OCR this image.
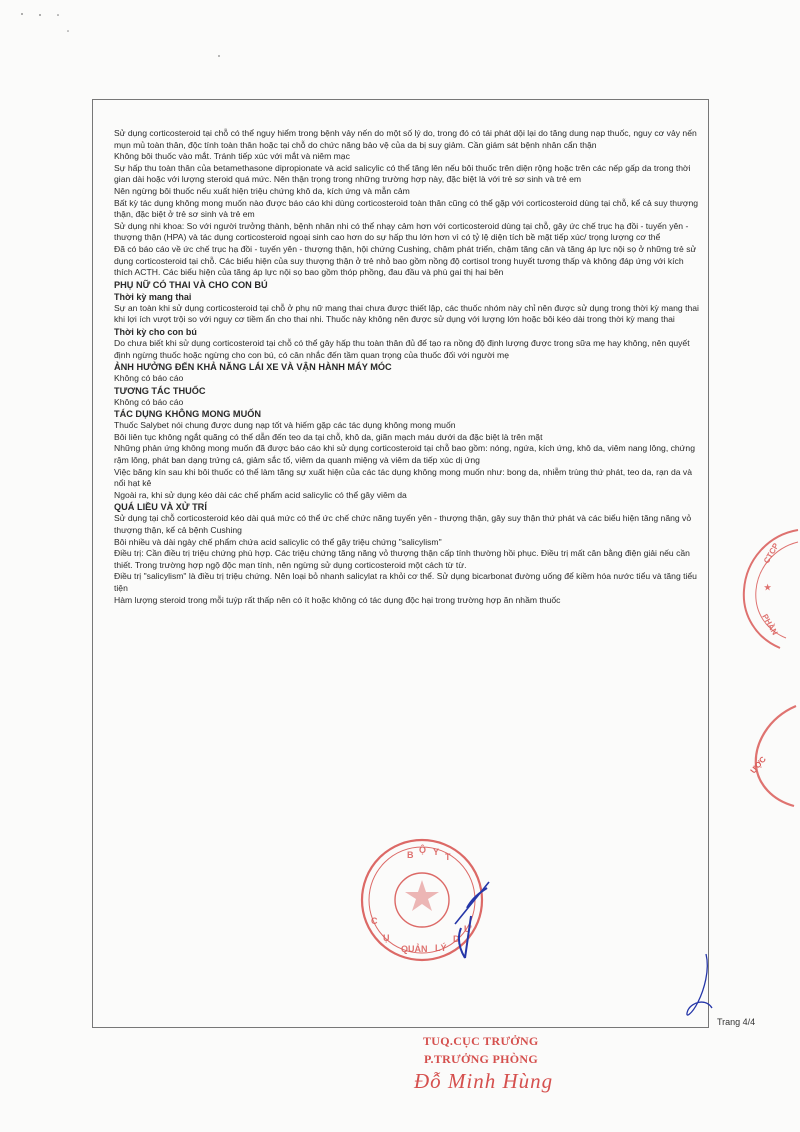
Sử dụng corticosteroid tại chỗ có thể nguy hiểm trong bệnh vảy nến do một số lý do, trong đó có tái phát dội lại do tăng dung nạp thuốc, nguy cơ vảy nến mụn mủ toàn thân, độc tính toàn thân hoặc tại chỗ do chức năng bảo vệ của da bị suy giảm. Cần giám sát bệnh nhân cẩn thận

Không bôi thuốc vào mắt. Tránh tiếp xúc với mắt và niêm mạc

Sự hấp thu toàn thân của betamethasone dipropionate và acid salicylic có thể tăng lên nếu bôi thuốc trên diện rộng hoặc trên các nếp gấp da trong thời gian dài hoặc với lượng steroid quá mức. Nên thận trọng trong những trường hợp này, đặc biệt là với trẻ sơ sinh và trẻ em

Nên ngừng bôi thuốc nếu xuất hiện triệu chứng khô da, kích ứng và mẫn cảm

Bất kỳ tác dụng không mong muốn nào được báo cáo khi dùng corticosteroid toàn thân cũng có thể gặp với corticosteroid dùng tại chỗ, kể cả suy thượng thận, đặc biệt ở trẻ sơ sinh và trẻ em

Sử dụng nhi khoa: So với người trưởng thành, bệnh nhân nhi có thể nhạy cảm hơn với corticosteroid dùng tại chỗ, gây ức chế trục hạ đồi - tuyến yên - thượng thận (HPA) và tác dụng corticosteroid ngoại sinh cao hơn do sự hấp thu lớn hơn vì có tỷ lệ diện tích bề mặt tiếp xúc/ trọng lượng cơ thể

Đã có báo cáo về ức chế trục hạ đồi - tuyến yên - thượng thận, hội chứng Cushing, chậm phát triển, chậm tăng cân và tăng áp lực nội sọ ở những trẻ sử dụng corticosteroid tại chỗ. Các biểu hiện của suy thượng thận ở trẻ nhỏ bao gồm nồng độ cortisol trong huyết tương thấp và không đáp ứng với kích thích ACTH. Các biểu hiện của tăng áp lực nội sọ bao gồm thóp phồng, đau đầu và phù gai thị hai bên

PHỤ NỮ CÓ THAI VÀ CHO CON BÚ
Thời kỳ mang thai

Sự an toàn khi sử dụng corticosteroid tại chỗ ở phụ nữ mang thai chưa được thiết lập, các thuốc nhóm này chỉ nên được sử dụng trong thời kỳ mang thai khi lợi ích vượt trội so với nguy cơ tiềm ẩn cho thai nhi. Thuốc này không nên được sử dụng với lượng lớn hoặc bôi kéo dài trong thời kỳ mang thai

Thời kỳ cho con bú

Do chưa biết khi sử dụng corticosteroid tại chỗ có thể gây hấp thu toàn thân đủ để tạo ra nồng độ định lượng được trong sữa mẹ hay không, nên quyết định ngừng thuốc hoặc ngừng cho con bú, có cân nhắc đến tầm quan trọng của thuốc đối với người mẹ

ẢNH HƯỞNG ĐẾN KHẢ NĂNG LÁI XE VÀ VẬN HÀNH MÁY MÓC

Không có báo cáo

TƯƠNG TÁC THUỐC

Không có báo cáo

TÁC DỤNG KHÔNG MONG MUỐN

Thuốc Salybet nói chung được dung nạp tốt và hiếm gặp các tác dụng không mong muốn

Bôi liên tục không ngắt quãng có thể dẫn đến teo da tại chỗ, khô da, giãn mạch máu dưới da đặc biệt là trên mặt

Những phản ứng không mong muốn đã được báo cáo khi sử dụng corticosteroid tại chỗ bao gồm: nóng, ngứa, kích ứng, khô da, viêm nang lông, chứng rậm lông, phát ban dạng trứng cá, giảm sắc tố, viêm da quanh miệng và viêm da tiếp xúc dị ứng

Việc băng kín sau khi bôi thuốc có thể làm tăng sự xuất hiện của các tác dụng không mong muốn như: bong da, nhiễm trùng thứ phát, teo da, rạn da và nổi hạt kê

Ngoài ra, khi sử dụng kéo dài các chế phẩm acid salicylic có thể gây viêm da

QUÁ LIỀU VÀ XỬ TRÍ

Sử dụng tại chỗ corticosteroid kéo dài quá mức có thể ức chế chức năng tuyến yên - thượng thận, gây suy thận thứ phát và các biểu hiện tăng năng vỏ thượng thận, kể cả bệnh Cushing

Bôi nhiều và dài ngày chế phẩm chứa acid salicylic có thể gây triệu chứng "salicylism"

Điều trị: Cần điều trị triệu chứng phù hợp. Các triệu chứng tăng năng vỏ thượng thận cấp tính thường hồi phục. Điều trị mất cân bằng điện giải nếu cần thiết. Trong trường hợp ngộ độc mạn tính, nên ngừng sử dụng corticosteroid một cách từ từ.

Điều trị "salicylism" là điều trị triệu chứng. Nên loại bỏ nhanh salicylat ra khỏi cơ thể. Sử dụng bicarbonat đường uống để kiềm hóa nước tiểu và tăng tiểu tiện

Hàm lượng steroid trong mỗi tuýp rất thấp nên có ít hoặc không có tác dụng độc hại trong trường hợp ăn nhầm thuốc

Trang 4/4
B Ộ Y T
C
Ụ
QUẢN LÝ
D
Ư
CTCP
★
PHẦN
ƯỢC
TUQ.CỤC TRƯỞNG
P.TRƯỞNG PHÒNG
Đỗ Minh Hùng
